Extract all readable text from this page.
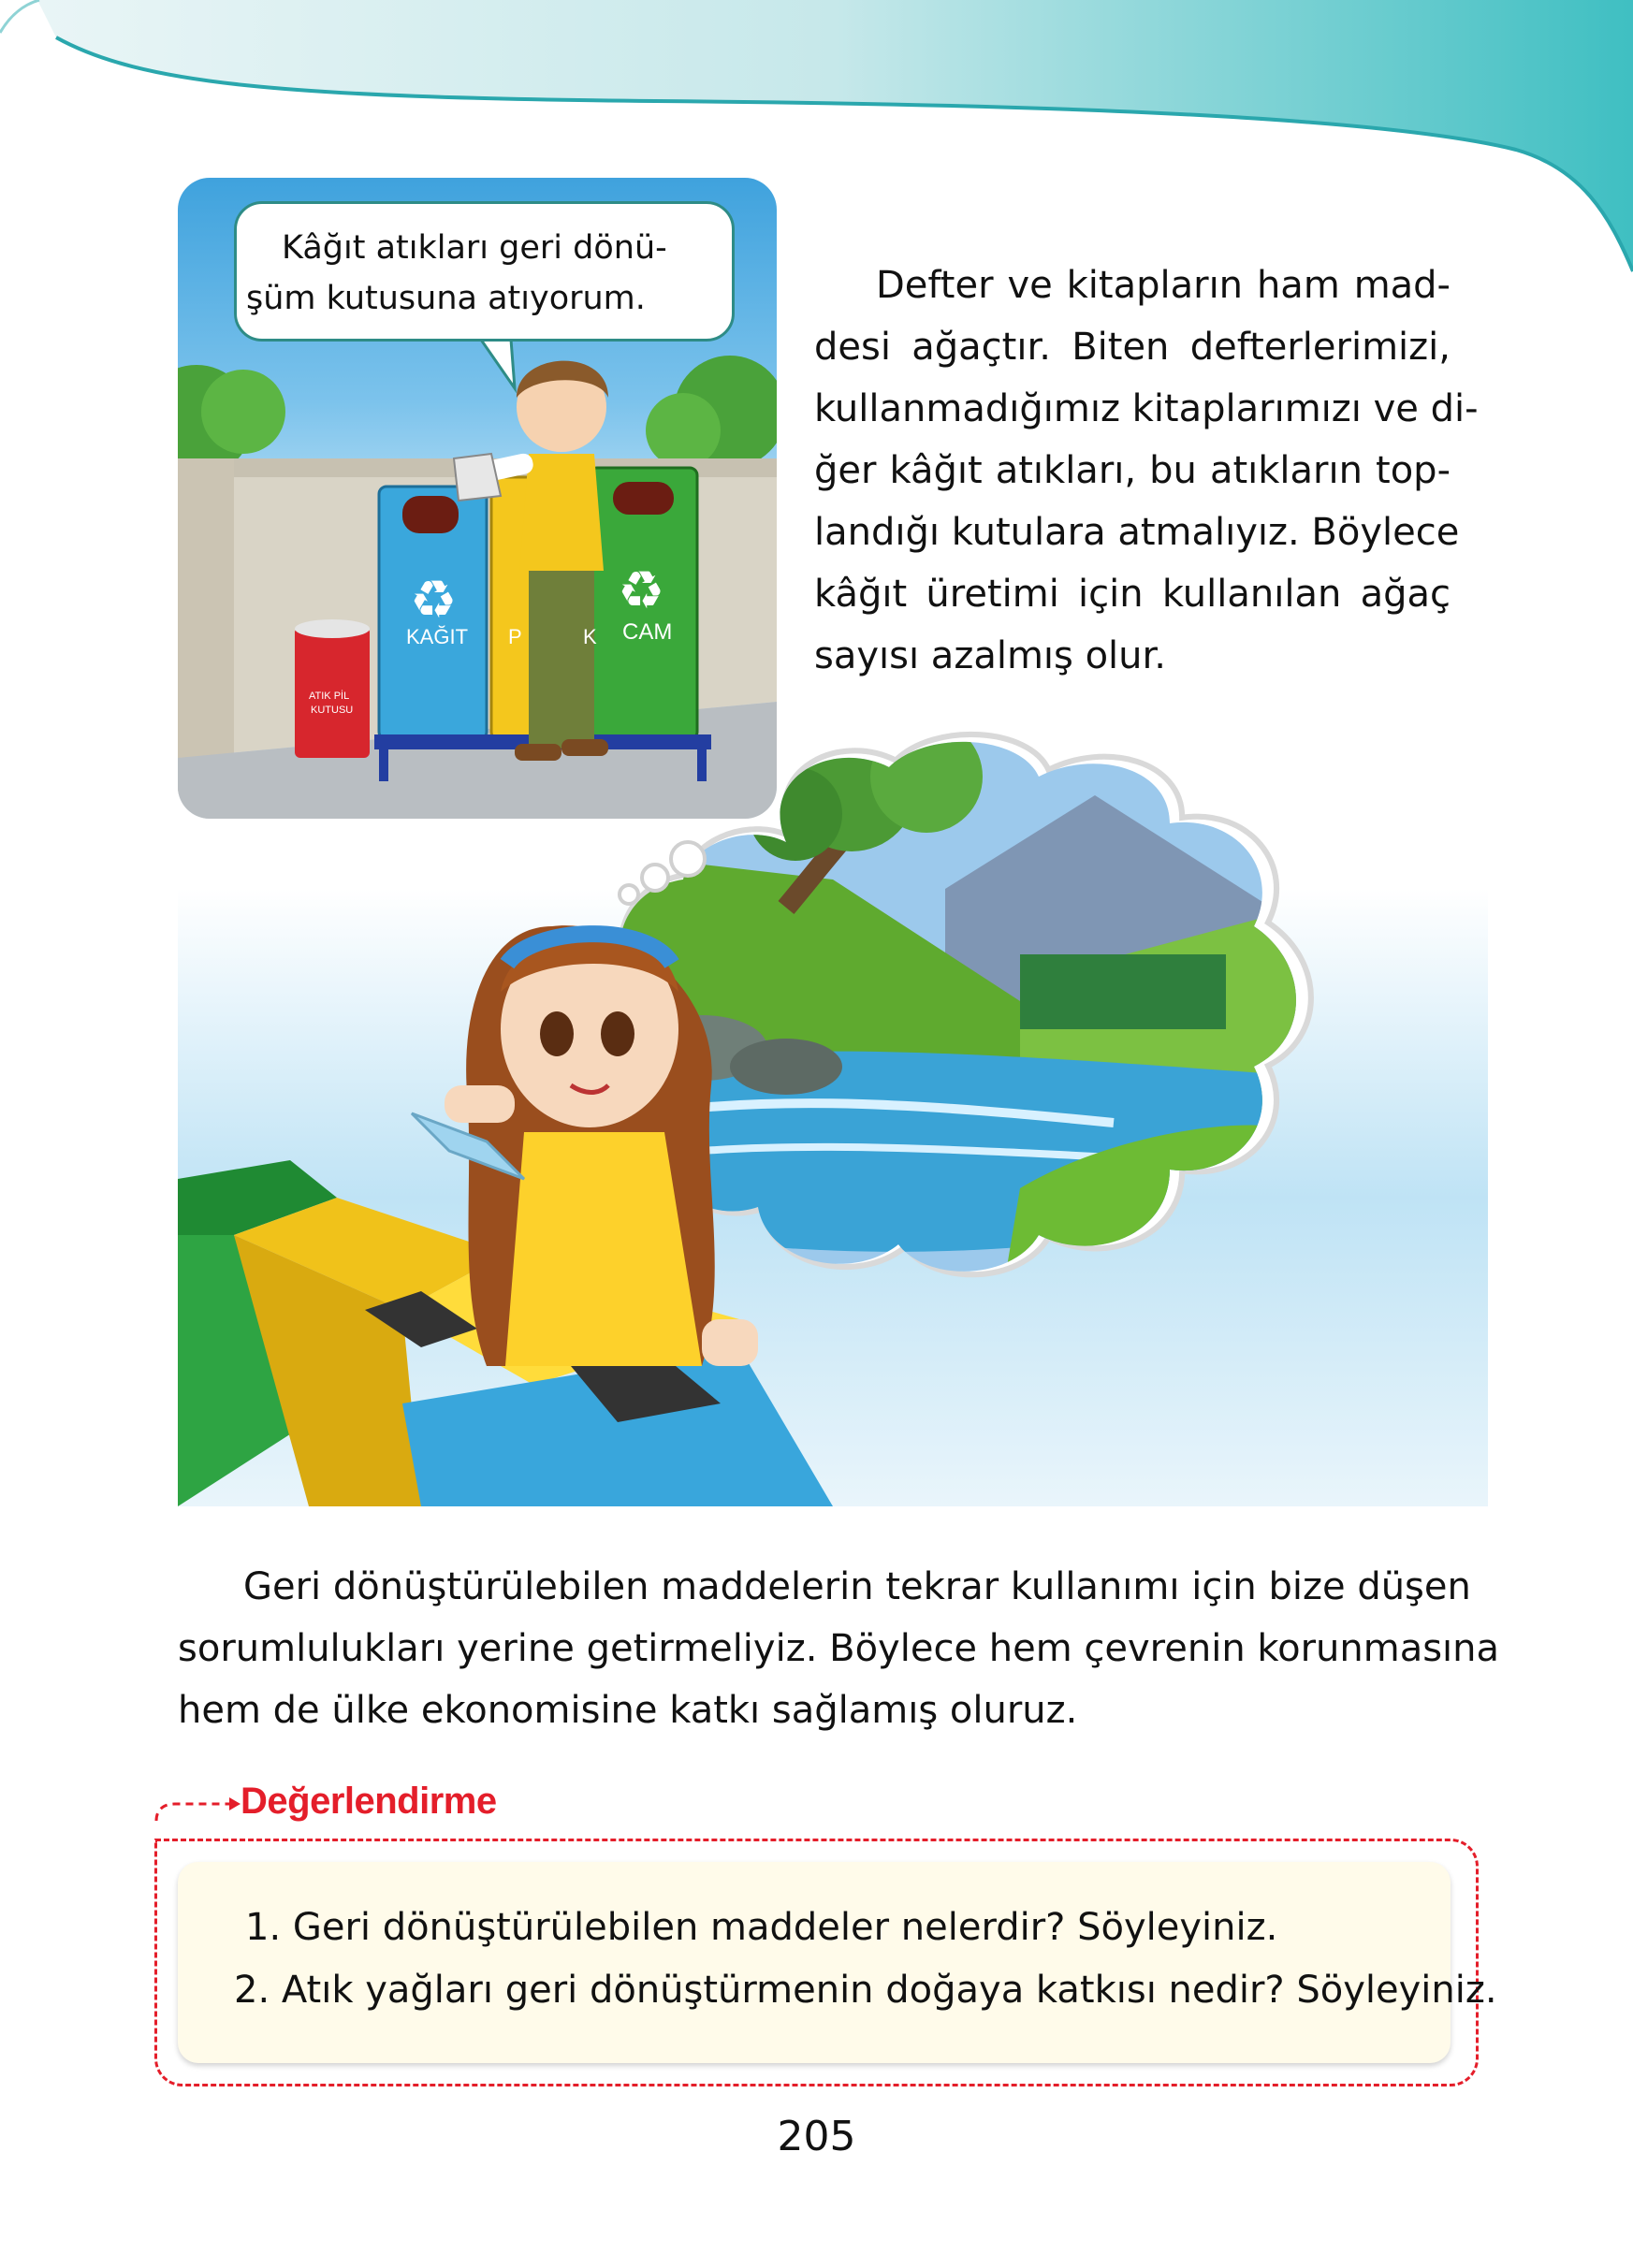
♻	♻
KAĞIT P	K CAM
ATIK PİL
KUTUSU
Kâğıt atıkları geri dönü-
şüm kutusuna atıyorum.	Defter ve kitapların ham mad-
desi ağaçtır. Biten defterlerimizi,
kullanmadığımız kitaplarımızı ve di-
ğer kâğıt atıkları, bu atıkların top-
landığı kutulara atmalıyız. Böylece
kâğıt üretimi için kullanılan ağaç
sayısı azalmış olur.
Geri dönüştürülebilen maddelerin tekrar kullanımı için bize düşen
sorumlulukları yerine getirmeliyiz. Böylece hem çevrenin korunmasına
hem de ülke ekonomisine katkı sağlamış oluruz.
Değerlendirme
1. Geri dönüştürülebilen maddeler nelerdir? Söyleyiniz.
2. Atık yağları geri dönüştürmenin doğaya katkısı nedir? Söyleyiniz.
205
